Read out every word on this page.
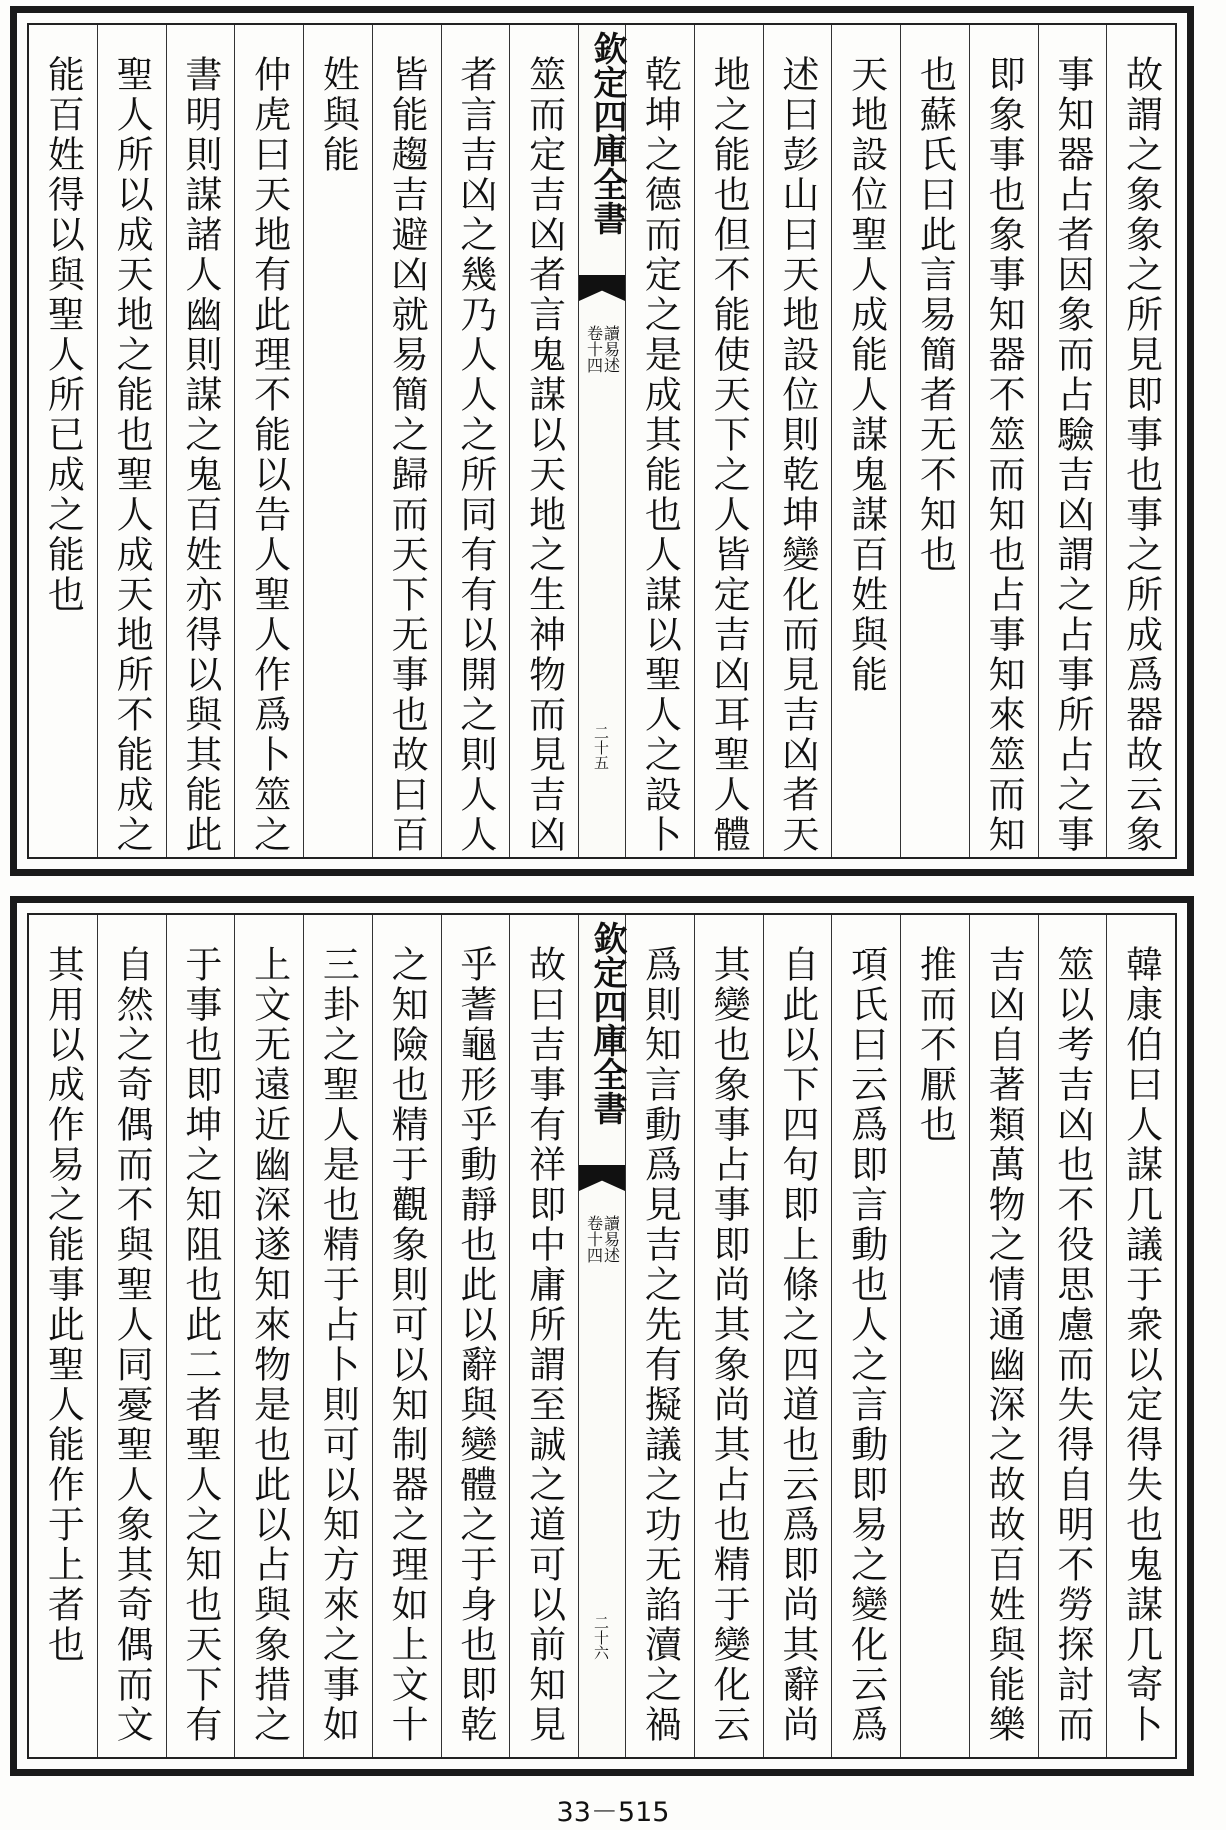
故謂之象象之所見即事也事之所成爲器故云象
事知器占者因象而占驗吉凶謂之占事所占之事
即象事也象事知器不筮而知也占事知來筮而知
也蘇氏曰此言易簡者无不知也
天地設位聖人成能人謀鬼謀百姓與能
述曰彭山曰天地設位則乾坤變化而見吉凶者天
地之能也但不能使天下之人皆定吉凶耳聖人體
乾坤之德而定之是成其能也人謀以聖人之設卜
欽定四庫全書
讀易述
卷十四
二十五
筮而定吉凶者言鬼謀以天地之生神物而見吉凶
者言吉凶之幾乃人人之所同有有以開之則人人
皆能趨吉避凶就易簡之歸而天下无事也故曰百
姓與能
仲虎曰天地有此理不能以告人聖人作爲卜筮之
書明則謀諸人幽則謀之鬼百姓亦得以與其能此
聖人所以成天地之能也聖人成天地所不能成之
能百姓得以與聖人所已成之能也
韓康伯曰人謀几議于衆以定得失也鬼謀几寄卜
筮以考吉凶也不役思慮而失得自明不勞探討而
吉凶自著類萬物之情通幽深之故故百姓與能樂
推而不厭也
項氏曰云爲即言動也人之言動即易之變化云爲
自此以下四句即上條之四道也云爲即尚其辭尚
其變也象事占事即尚其象尚其占也精于變化云
爲則知言動爲見吉之先有擬議之功无諂瀆之禍
欽定四庫全書
讀易述
卷十四
二十六
故曰吉事有祥即中庸所謂至誠之道可以前知見
乎蓍龜形乎動靜也此以辭與變體之于身也即乾
之知險也精于觀象則可以知制器之理如上文十
三卦之聖人是也精于占卜則可以知方來之事如
上文无遠近幽深遂知來物是也此以占與象措之
于事也即坤之知阻也此二者聖人之知也天下有
自然之奇偶而不與聖人同憂聖人象其奇偶而文
其用以成作易之能事此聖人能作于上者也
33－515
